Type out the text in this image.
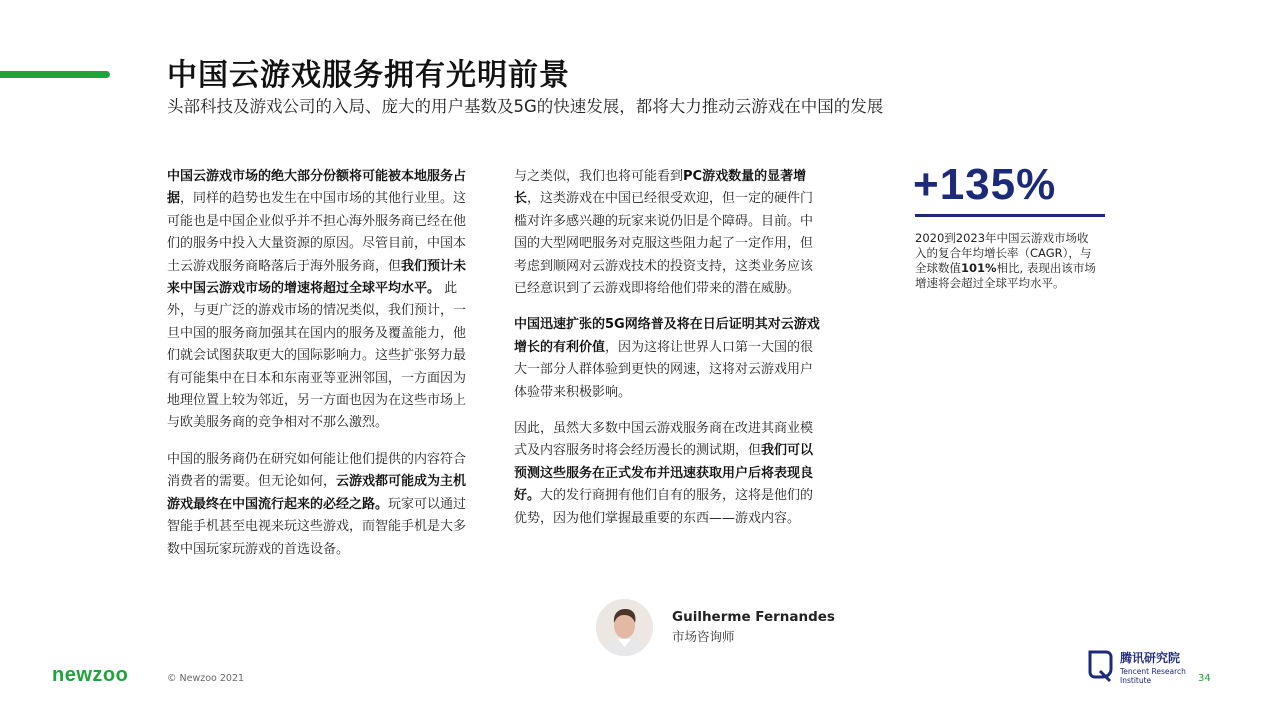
中国云游戏服务拥有光明前景
头部科技及游戏公司的入局、庞大的用户基数及5G的快速发展，都将大力推动云游戏在中国的发展

中国云游戏市场的绝大部分份额将可能被本地服务占据，同样的趋势也发生在中国市场的其他行业里。这可能也是中国企业似乎并不担心海外服务商已经在他们的服务中投入大量资源的原因。尽管目前，中国本土云游戏服务商略落后于海外服务商，但我们预计未来中国云游戏市场的增速将超过全球平均水平。 此外，与更广泛的游戏市场的情况类似，我们预计，一旦中国的服务商加强其在国内的服务及覆盖能力，他们就会试图获取更大的国际影响力。这些扩张努力最有可能集中在日本和东南亚等亚洲邻国，一方面因为地理位置上较为邻近，另一方面也因为在这些市场上与欧美服务商的竞争相对不那么激烈。

中国的服务商仍在研究如何能让他们提供的内容符合消费者的需要。但无论如何，云游戏都可能成为主机游戏最终在中国流行起来的必经之路。玩家可以通过智能手机甚至电视来玩这些游戏，而智能手机是大多数中国玩家玩游戏的首选设备。

与之类似，我们也将可能看到PC游戏数量的显著增长，这类游戏在中国已经很受欢迎，但一定的硬件门槛对许多感兴趣的玩家来说仍旧是个障碍。目前。中国的大型网吧服务对克服这些阻力起了一定作用，但考虑到顺网对云游戏技术的投资支持，这类业务应该已经意识到了云游戏即将给他们带来的潜在威胁。

中国迅速扩张的5G网络普及将在日后证明其对云游戏增长的有利价值，因为这将让世界人口第一大国的很大一部分人群体验到更快的网速，这将对云游戏用户体验带来积极影响。

因此，虽然大多数中国云游戏服务商在改进其商业模式及内容服务时将会经历漫长的测试期，但我们可以预测这些服务在正式发布并迅速获取用户后将表现良好。大的发行商拥有他们自有的服务，这将是他们的优势，因为他们掌握最重要的东西——游戏内容。

+135%
2020到2023年中国云游戏市场收入的复合年均增长率（CAGR），与全球数值101%相比, 表现出该市场增速将会超过全球平均水平。
Guilherme Fernandes
市场咨询师
newzoo	© Newzoo 2021
腾讯研究院
Tencent Research Institute	34
